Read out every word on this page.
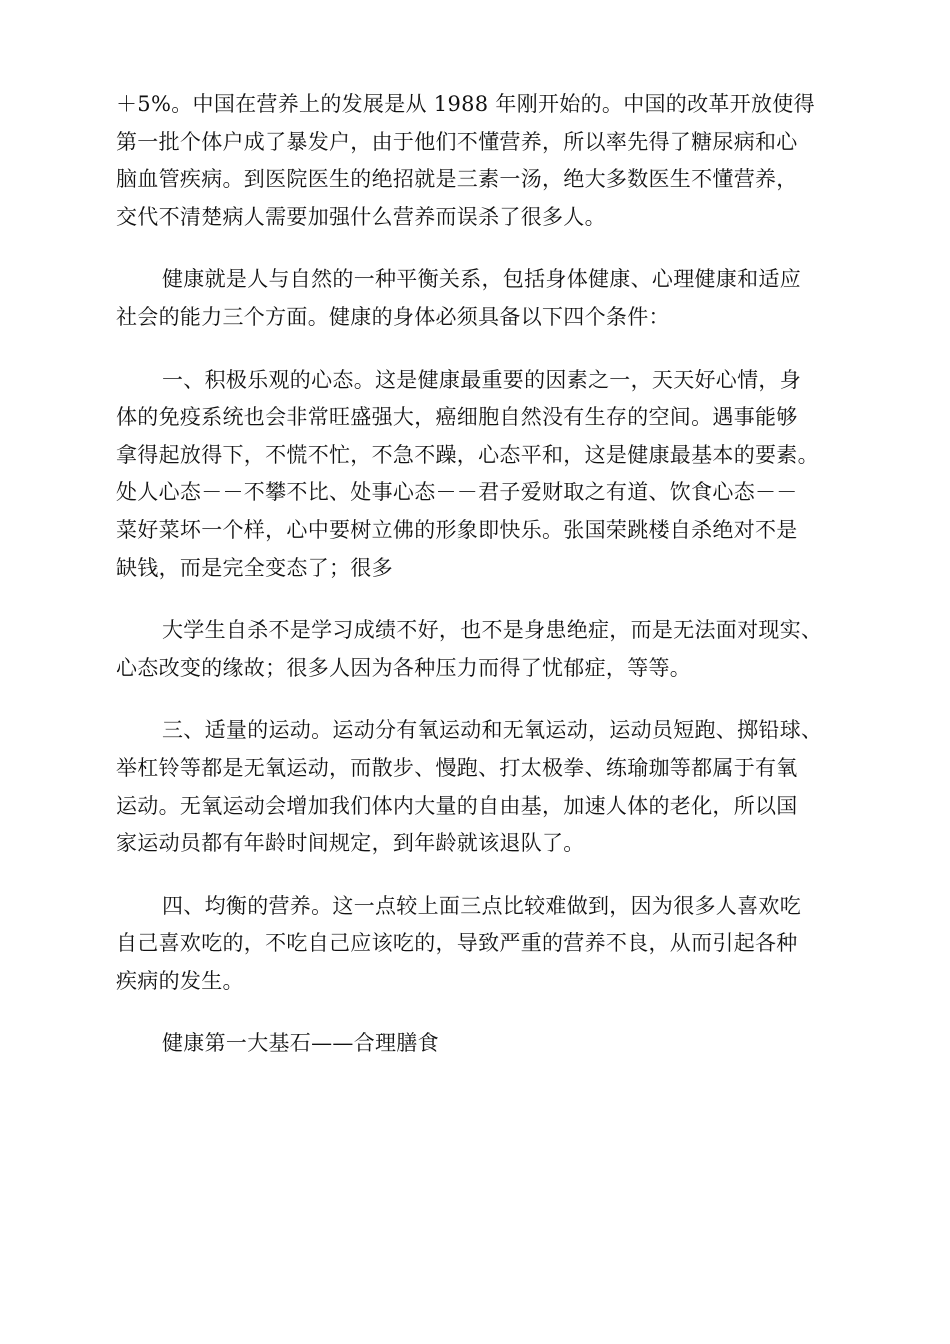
＋5%。中国在营养上的发展是从 1988 年刚开始的。中国的改革开放使得
第一批个体户成了暴发户，由于他们不懂营养，所以率先得了糖尿病和心
脑血管疾病。到医院医生的绝招就是三素一汤，绝大多数医生不懂营养，
交代不清楚病人需要加强什么营养而误杀了很多人。

健康就是人与自然的一种平衡关系，包括身体健康、心理健康和适应
社会的能力三个方面。健康的身体必须具备以下四个条件：

一、积极乐观的心态。这是健康最重要的因素之一，天天好心情，身
体的免疫系统也会非常旺盛强大，癌细胞自然没有生存的空间。遇事能够
拿得起放得下，不慌不忙，不急不躁，心态平和，这是健康最基本的要素。
处人心态－－不攀不比、处事心态－－君子爱财取之有道、饮食心态－－
菜好菜坏一个样，心中要树立佛的形象即快乐。张国荣跳楼自杀绝对不是
缺钱，而是完全变态了；很多

大学生自杀不是学习成绩不好，也不是身患绝症，而是无法面对现实、
心态改变的缘故；很多人因为各种压力而得了忧郁症，等等。

三、适量的运动。运动分有氧运动和无氧运动，运动员短跑、掷铅球、
举杠铃等都是无氧运动，而散步、慢跑、打太极拳、练瑜珈等都属于有氧
运动。无氧运动会增加我们体内大量的自由基，加速人体的老化，所以国
家运动员都有年龄时间规定，到年龄就该退队了。

四、均衡的营养。这一点较上面三点比较难做到，因为很多人喜欢吃
自己喜欢吃的，不吃自己应该吃的，导致严重的营养不良，从而引起各种
疾病的发生。

健康第一大基石——合理膳食
